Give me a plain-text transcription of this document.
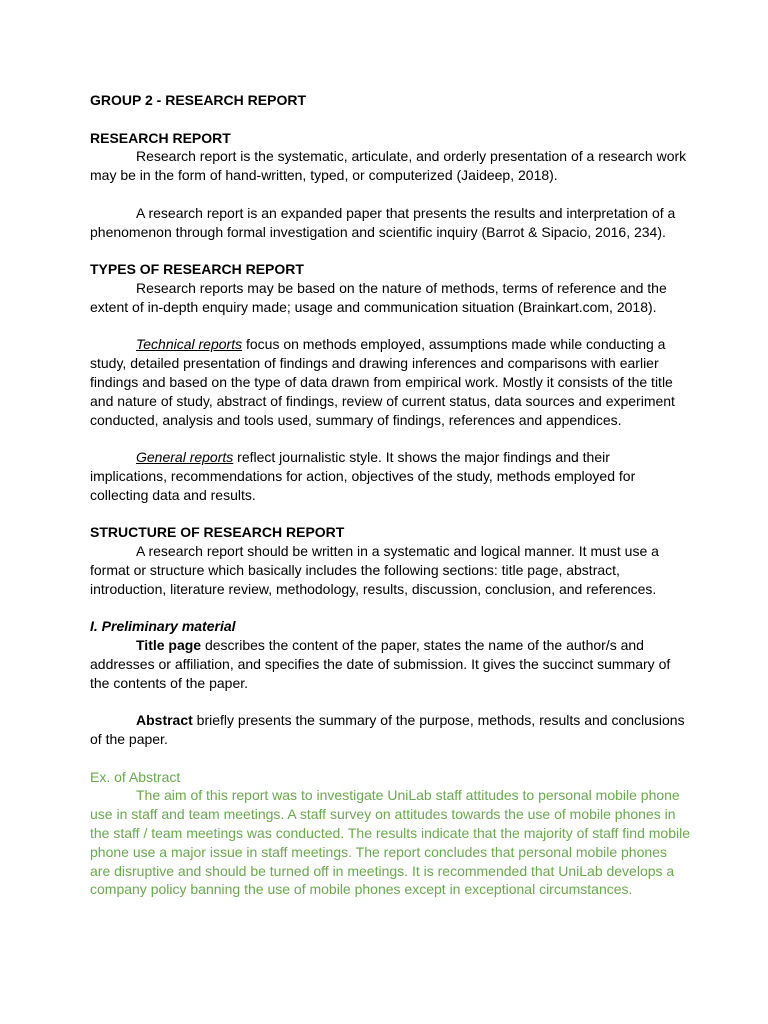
GROUP 2 - RESEARCH REPORT

RESEARCH REPORT

Research report is the systematic, articulate, and orderly presentation of a research work may be in the form of hand-written, typed, or computerized (Jaideep, 2018).

A research report is an expanded paper that presents the results and interpretation of a phenomenon through formal investigation and scientific inquiry (Barrot & Sipacio, 2016, 234).

TYPES OF RESEARCH REPORT

Research reports may be based on the nature of methods, terms of reference and the extent of in-depth enquiry made; usage and communication situation (Brainkart.com, 2018).

Technical reports focus on methods employed, assumptions made while conducting a study, detailed presentation of findings and drawing inferences and comparisons with earlier findings and based on the type of data drawn from empirical work. Mostly it consists of the title and nature of study, abstract of findings, review of current status, data sources and experiment conducted, analysis and tools used, summary of findings, references and appendices.

General reports reflect journalistic style. It shows the major findings and their implications, recommendations for action, objectives of the study, methods employed for collecting data and results.

STRUCTURE OF RESEARCH REPORT

A research report should be written in a systematic and logical manner. It must use a format or structure which basically includes the following sections: title page, abstract, introduction, literature review, methodology, results, discussion, conclusion, and references.

I. Preliminary material

Title page describes the content of the paper, states the name of the author/s and addresses or affiliation, and specifies the date of submission. It gives the succinct summary of the contents of the paper.

Abstract briefly presents the summary of the purpose, methods, results and conclusions of the paper.

Ex. of Abstract

The aim of this report was to investigate UniLab staff attitudes to personal mobile phone use in staff and team meetings. A staff survey on attitudes towards the use of mobile phones in the staff / team meetings was conducted. The results indicate that the majority of staff find mobile phone use a major issue in staff meetings. The report concludes that personal mobile phones are disruptive and should be turned off in meetings. It is recommended that UniLab develops a company policy banning the use of mobile phones except in exceptional circumstances.
